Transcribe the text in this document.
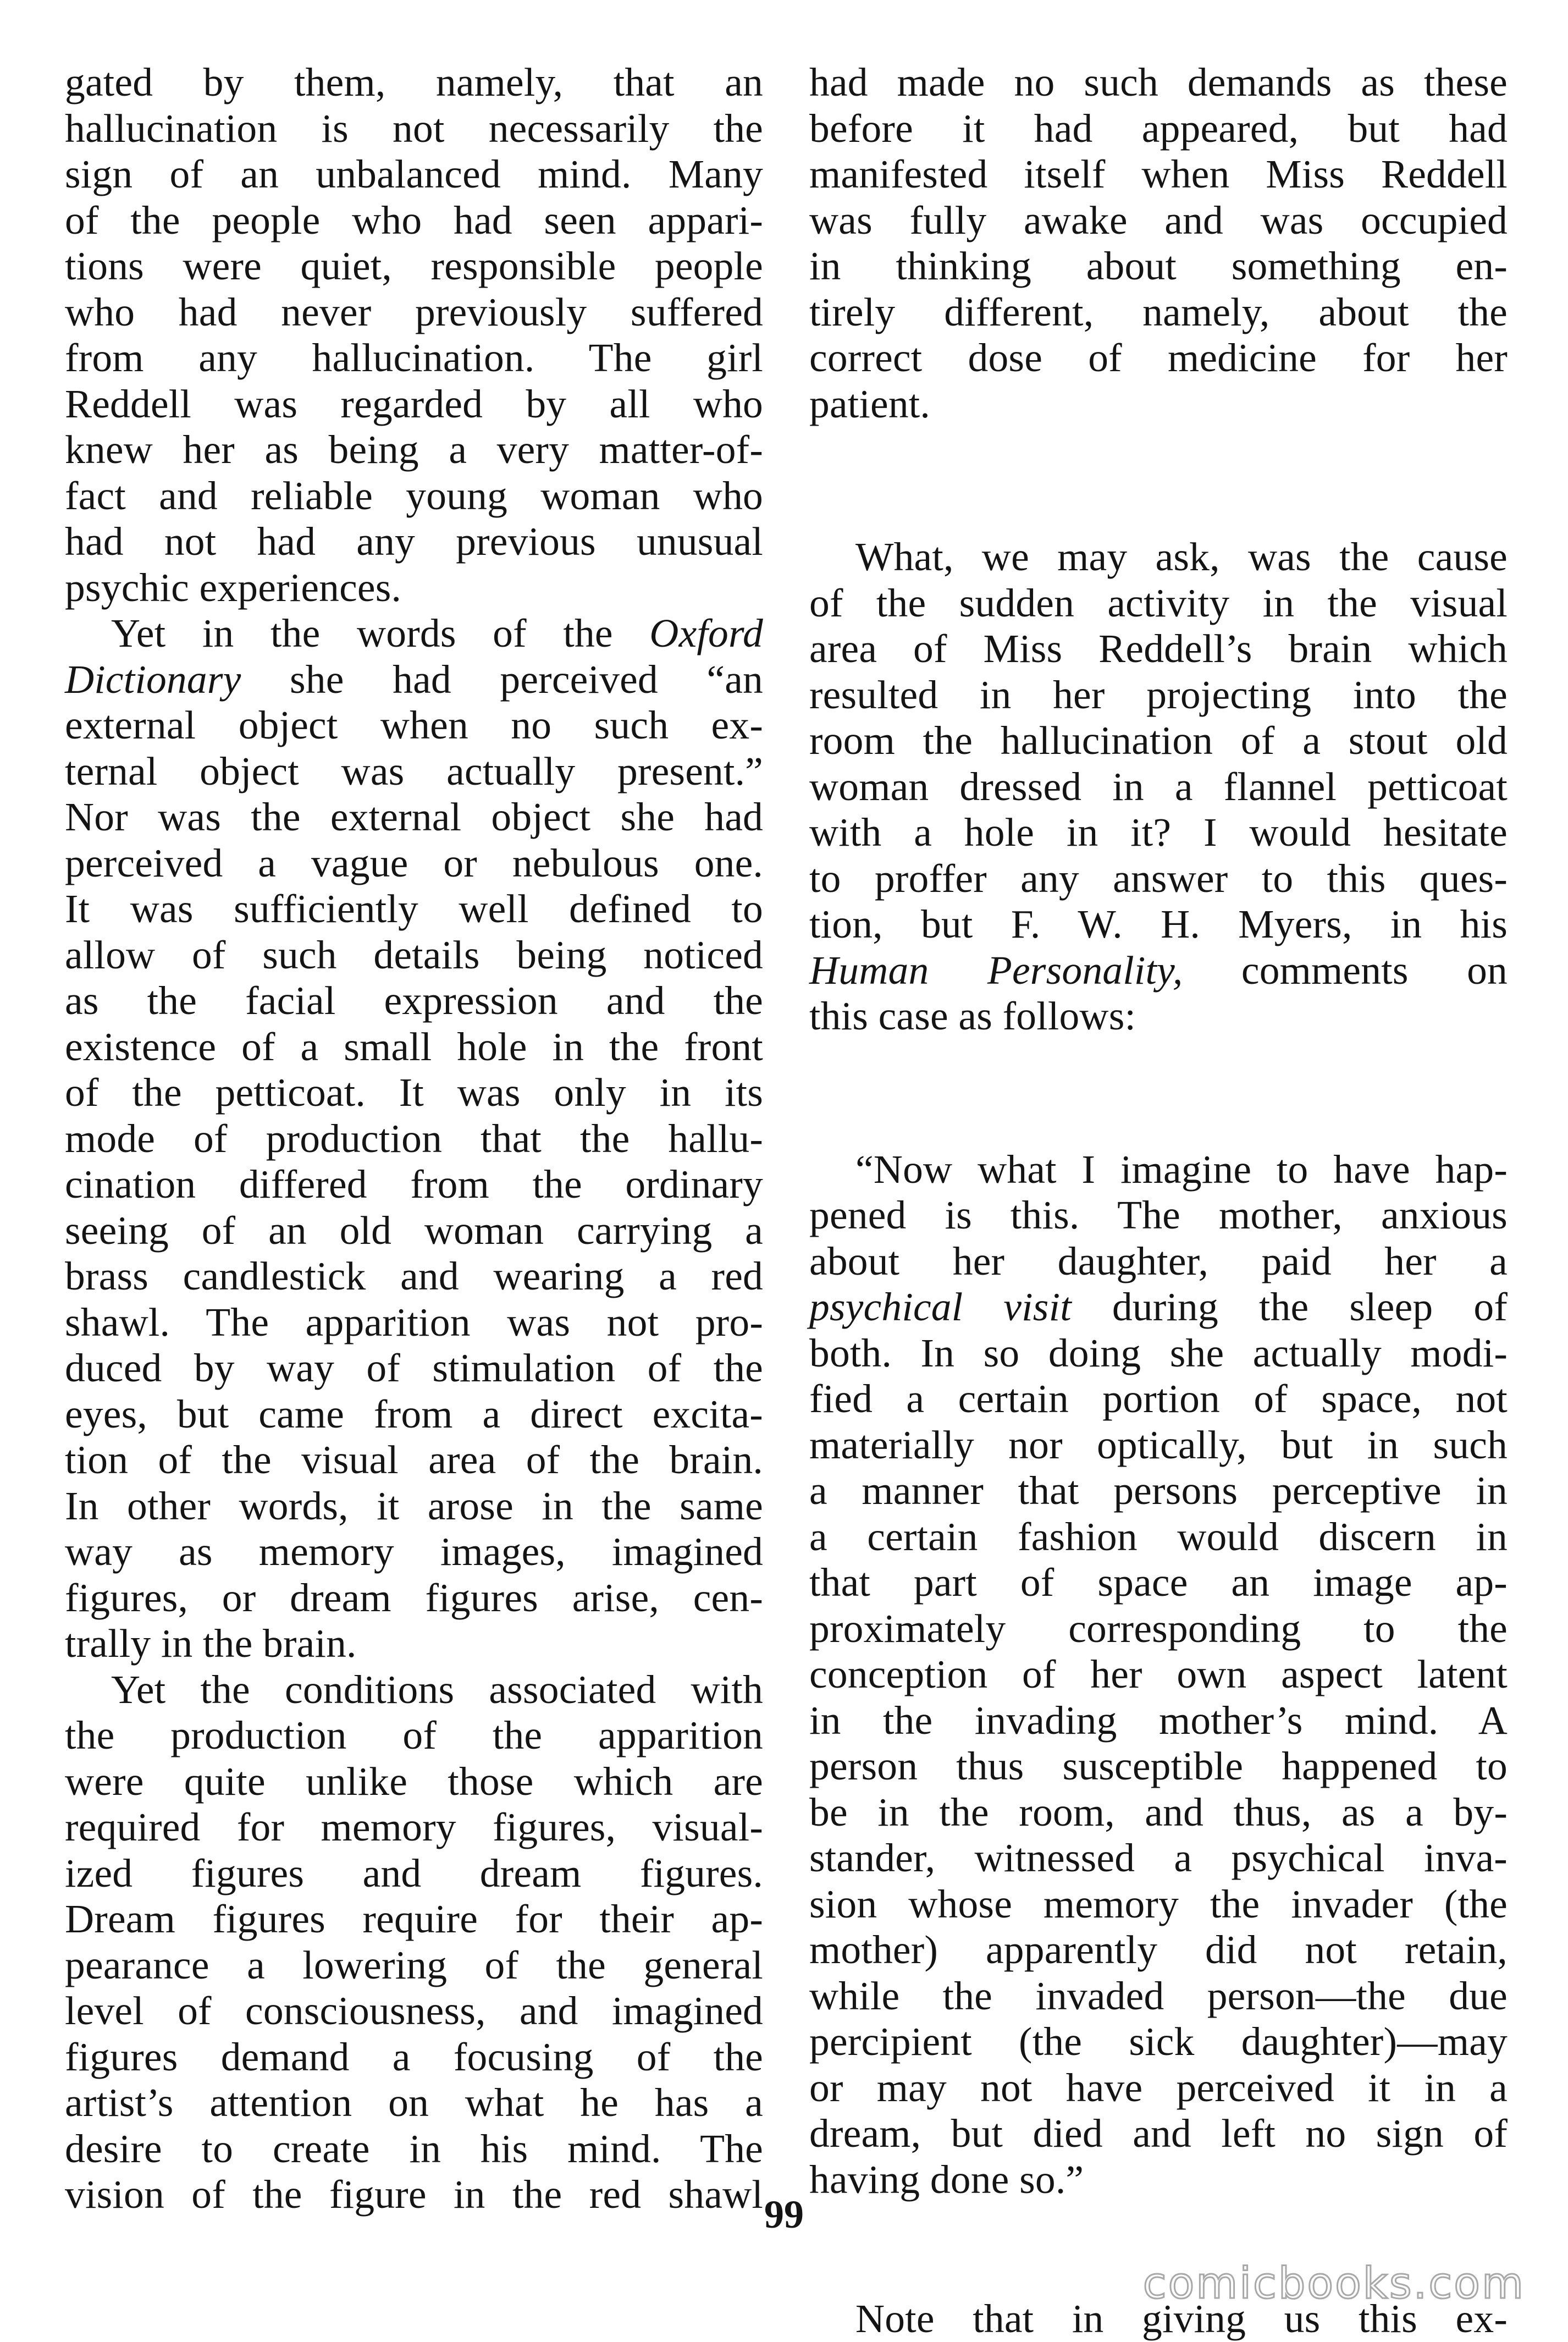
gated by them, namely, that an
hallucination is not necessarily the
sign of an unbalanced mind. Many
of the people who had seen appari-
tions were quiet, responsible people
who had never previously suffered
from any hallucination. The girl
Reddell was regarded by all who
knew her as being a very matter-of-
fact and reliable young woman who
had not had any previous unusual
psychic experiences.
Yet in the words of the Oxford
Dictionary she had perceived “an
external object when no such ex-
ternal object was actually present.”
Nor was the external object she had
perceived a vague or nebulous one.
It was sufficiently well defined to
allow of such details being noticed
as the facial expression and the
existence of a small hole in the front
of the petticoat. It was only in its
mode of production that the hallu-
cination differed from the ordinary
seeing of an old woman carrying a
brass candlestick and wearing a red
shawl. The apparition was not pro-
duced by way of stimulation of the
eyes, but came from a direct excita-
tion of the visual area of the brain.
In other words, it arose in the same
way as memory images, imagined
figures, or dream figures arise, cen-
trally in the brain.
Yet the conditions associated with
the production of the apparition
were quite unlike those which are
required for memory figures, visual-
ized figures and dream figures.
Dream figures require for their ap-
pearance a lowering of the general
level of consciousness, and imagined
figures demand a focusing of the
artist’s attention on what he has a
desire to create in his mind. The
vision of the figure in the red shawl
had made no such demands as these
before it had appeared, but had
manifested itself when Miss Reddell
was fully awake and was occupied
in thinking about something en-
tirely different, namely, about the
correct dose of medicine for her
patient.
What, we may ask, was the cause
of the sudden activity in the visual
area of Miss Reddell’s brain which
resulted in her projecting into the
room the hallucination of a stout old
woman dressed in a flannel petticoat
with a hole in it? I would hesitate
to proffer any answer to this ques-
tion, but F. W. H. Myers, in his
Human Personality, comments on
this case as follows:
“Now what I imagine to have hap-
pened is this. The mother, anxious
about her daughter, paid her a
psychical visit during the sleep of
both. In so doing she actually modi-
fied a certain portion of space, not
materially nor optically, but in such
a manner that persons perceptive in
a certain fashion would discern in
that part of space an image ap-
proximately corresponding to the
conception of her own aspect latent
in the invading mother’s mind. A
person thus susceptible happened to
be in the room, and thus, as a by-
stander, witnessed a psychical inva-
sion whose memory the invader (the
mother) apparently did not retain,
while the invaded person—the due
percipient (the sick daughter)—may
or may not have perceived it in a
dream, but died and left no sign of
having done so.”
Note that in giving us this ex-
99
comicbooks.com
